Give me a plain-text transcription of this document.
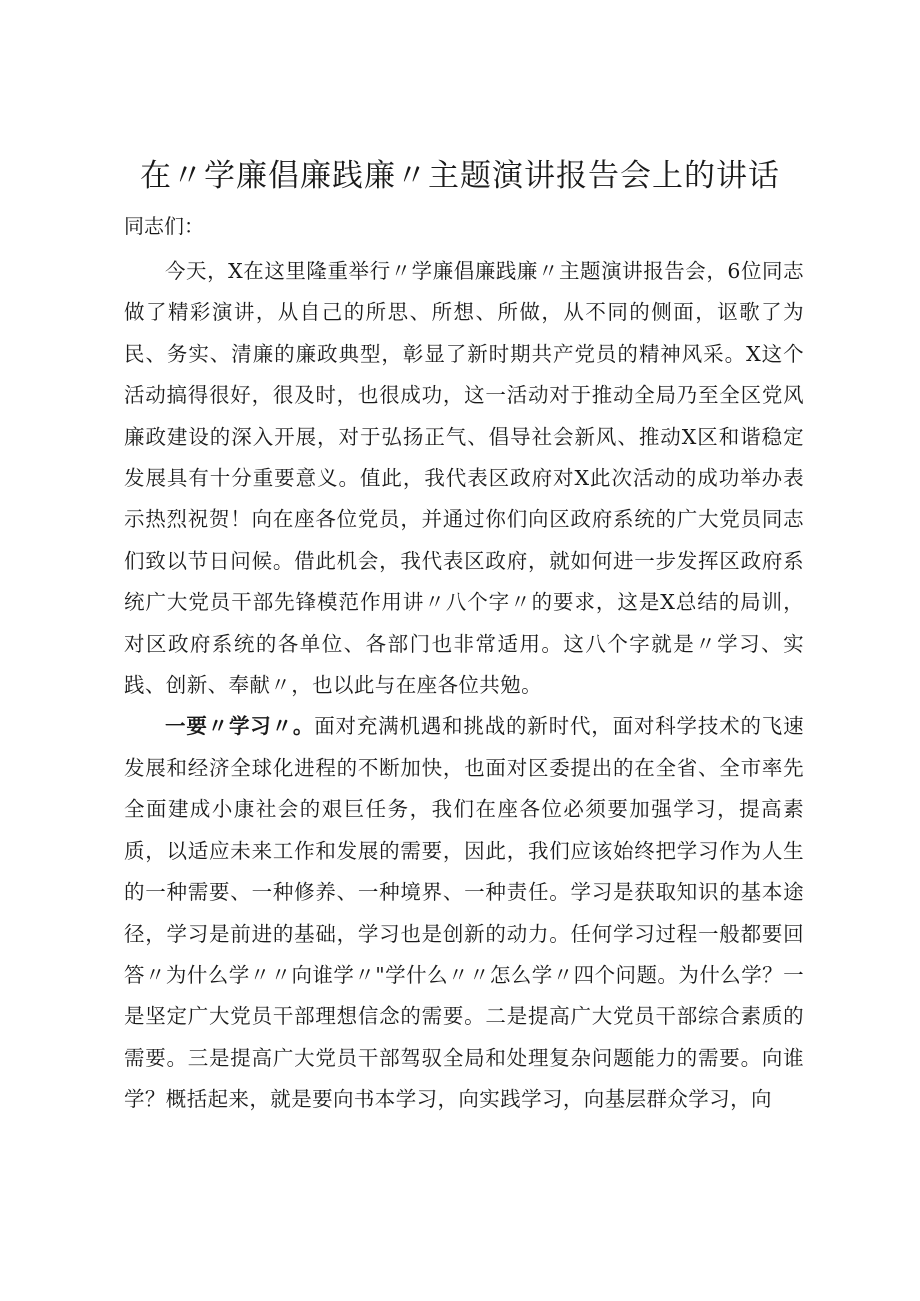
在〃学廉倡廉践廉〃主题演讲报告会上的讲话

同志们：

今天，X在这里隆重举行〃学廉倡廉践廉〃主题演讲报告会，6位同志做了精彩演讲，从自己的所思、所想、所做，从不同的侧面，讴歌了为民、务实、清廉的廉政典型，彰显了新时期共产党员的精神风采。X这个活动搞得很好，很及时，也很成功，这一活动对于推动全局乃至全区党风廉政建设的深入开展，对于弘扬正气、倡导社会新风、推动X区和谐稳定发展具有十分重要意义。值此，我代表区政府对X此次活动的成功举办表示热烈祝贺！向在座各位党员，并通过你们向区政府系统的广大党员同志们致以节日问候。借此机会，我代表区政府，就如何进一步发挥区政府系统广大党员干部先锋模范作用讲〃八个字〃的要求，这是X总结的局训，对区政府系统的各单位、各部门也非常适用。这八个字就是〃学习、实践、创新、奉献〃，也以此与在座各位共勉。

一要〃学习〃。面对充满机遇和挑战的新时代，面对科学技术的飞速发展和经济全球化进程的不断加快，也面对区委提出的在全省、全市率先全面建成小康社会的艰巨任务，我们在座各位必须要加强学习，提高素质，以适应未来工作和发展的需要，因此，我们应该始终把学习作为人生的一种需要、一种修养、一种境界、一种责任。学习是获取知识的基本途径，学习是前进的基础，学习也是创新的动力。任何学习过程一般都要回答〃为什么学〃〃向谁学〃"学什么〃〃怎么学〃四个问题。为什么学？一是坚定广大党员干部理想信念的需要。二是提高广大党员干部综合素质的需要。三是提高广大党员干部驾驭全局和处理复杂问题能力的需要。向谁学？概括起来，就是要向书本学习，向实践学习，向基层群众学习，向
